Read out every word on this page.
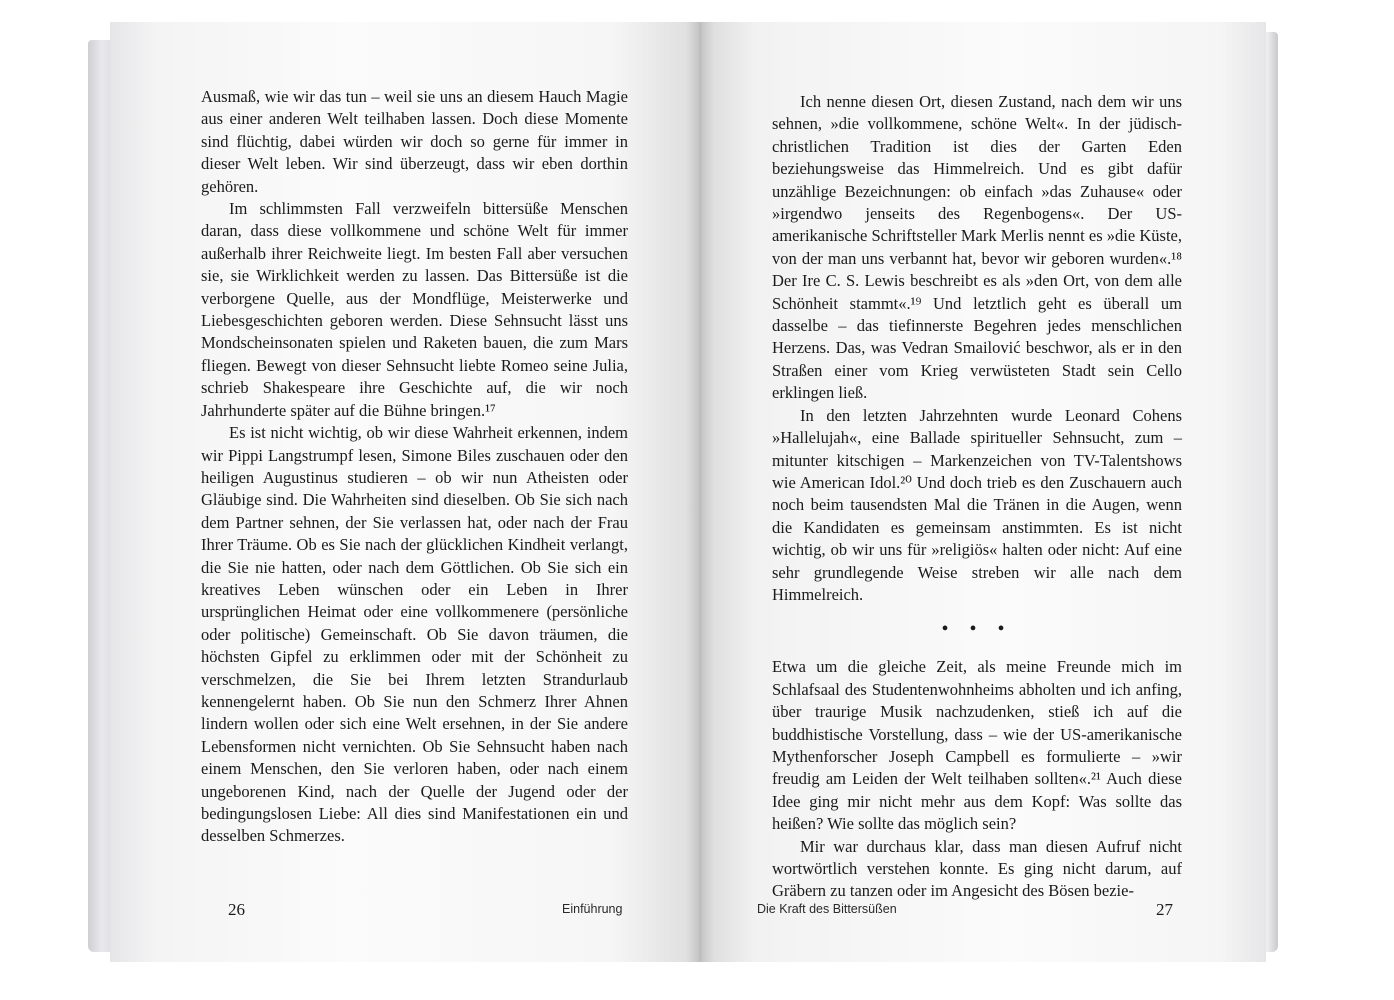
Ausmaß, wie wir das tun – weil sie uns an diesem Hauch Magie aus einer anderen Welt teilhaben lassen. Doch diese Momente sind flüchtig, dabei würden wir doch so gerne für immer in dieser Welt leben. Wir sind überzeugt, dass wir eben dorthin gehören.

Im schlimmsten Fall verzweifeln bittersüße Menschen daran, dass diese vollkommene und schöne Welt für immer außerhalb ihrer Reichweite liegt. Im besten Fall aber versuchen sie, sie Wirklichkeit werden zu lassen. Das Bittersüße ist die verborgene Quelle, aus der Mondflüge, Meisterwerke und Liebesgeschichten geboren werden. Diese Sehnsucht lässt uns Mondscheinsonaten spielen und Raketen bauen, die zum Mars fliegen. Bewegt von dieser Sehnsucht liebte Romeo seine Julia, schrieb Shakespeare ihre Geschichte auf, die wir noch Jahrhunderte später auf die Bühne bringen.¹⁷

Es ist nicht wichtig, ob wir diese Wahrheit erkennen, indem wir Pippi Langstrumpf lesen, Simone Biles zuschauen oder den heiligen Augustinus studieren – ob wir nun Atheisten oder Gläubige sind. Die Wahrheiten sind dieselben. Ob Sie sich nach dem Partner sehnen, der Sie verlassen hat, oder nach der Frau Ihrer Träume. Ob es Sie nach der glücklichen Kindheit verlangt, die Sie nie hatten, oder nach dem Göttlichen. Ob Sie sich ein kreatives Leben wünschen oder ein Leben in Ihrer ursprünglichen Heimat oder eine vollkommenere (persönliche oder politische) Gemeinschaft. Ob Sie davon träumen, die höchsten Gipfel zu erklimmen oder mit der Schönheit zu verschmelzen, die Sie bei Ihrem letzten Strandurlaub kennengelernt haben. Ob Sie nun den Schmerz Ihrer Ahnen lindern wollen oder sich eine Welt ersehnen, in der Sie andere Lebensformen nicht vernichten. Ob Sie Sehnsucht haben nach einem Menschen, den Sie verloren haben, oder nach einem ungeborenen Kind, nach der Quelle der Jugend oder der bedingungslosen Liebe: All dies sind Manifestationen ein und desselben Schmerzes.

26	Einführung

Ich nenne diesen Ort, diesen Zustand, nach dem wir uns sehnen, »die vollkommene, schöne Welt«. In der jüdisch-christlichen Tradition ist dies der Garten Eden beziehungsweise das Himmelreich. Und es gibt dafür unzählige Bezeichnungen: ob einfach »das Zuhause« oder »irgendwo jenseits des Regenbogens«. Der US-amerikanische Schriftsteller Mark Merlis nennt es »die Küste, von der man uns verbannt hat, bevor wir geboren wurden«.¹⁸ Der Ire C. S. Lewis beschreibt es als »den Ort, von dem alle Schönheit stammt«.¹⁹ Und letztlich geht es überall um dasselbe – das tiefinnerste Begehren jedes menschlichen Herzens. Das, was Vedran Smailović beschwor, als er in den Straßen einer vom Krieg verwüsteten Stadt sein Cello erklingen ließ.

In den letzten Jahrzehnten wurde Leonard Cohens »Hallelujah«, eine Ballade spiritueller Sehnsucht, zum – mitunter kitschigen – Markenzeichen von TV-Talentshows wie American Idol.²⁰ Und doch trieb es den Zuschauern auch noch beim tausendsten Mal die Tränen in die Augen, wenn die Kandidaten es gemeinsam anstimmten. Es ist nicht wichtig, ob wir uns für »religiös« halten oder nicht: Auf eine sehr grundlegende Weise streben wir alle nach dem Himmelreich.

• • •

Etwa um die gleiche Zeit, als meine Freunde mich im Schlafsaal des Studentenwohnheims abholten und ich anfing, über traurige Musik nachzudenken, stieß ich auf die buddhistische Vorstellung, dass – wie der US-amerikanische Mythenforscher Joseph Campbell es formulierte – »wir freudig am Leiden der Welt teilhaben sollten«.²¹ Auch diese Idee ging mir nicht mehr aus dem Kopf: Was sollte das heißen? Wie sollte das möglich sein?

Mir war durchaus klar, dass man diesen Aufruf nicht wortwörtlich verstehen konnte. Es ging nicht darum, auf Gräbern zu tanzen oder im Angesicht des Bösen bezie-

Die Kraft des Bittersüßen	27
